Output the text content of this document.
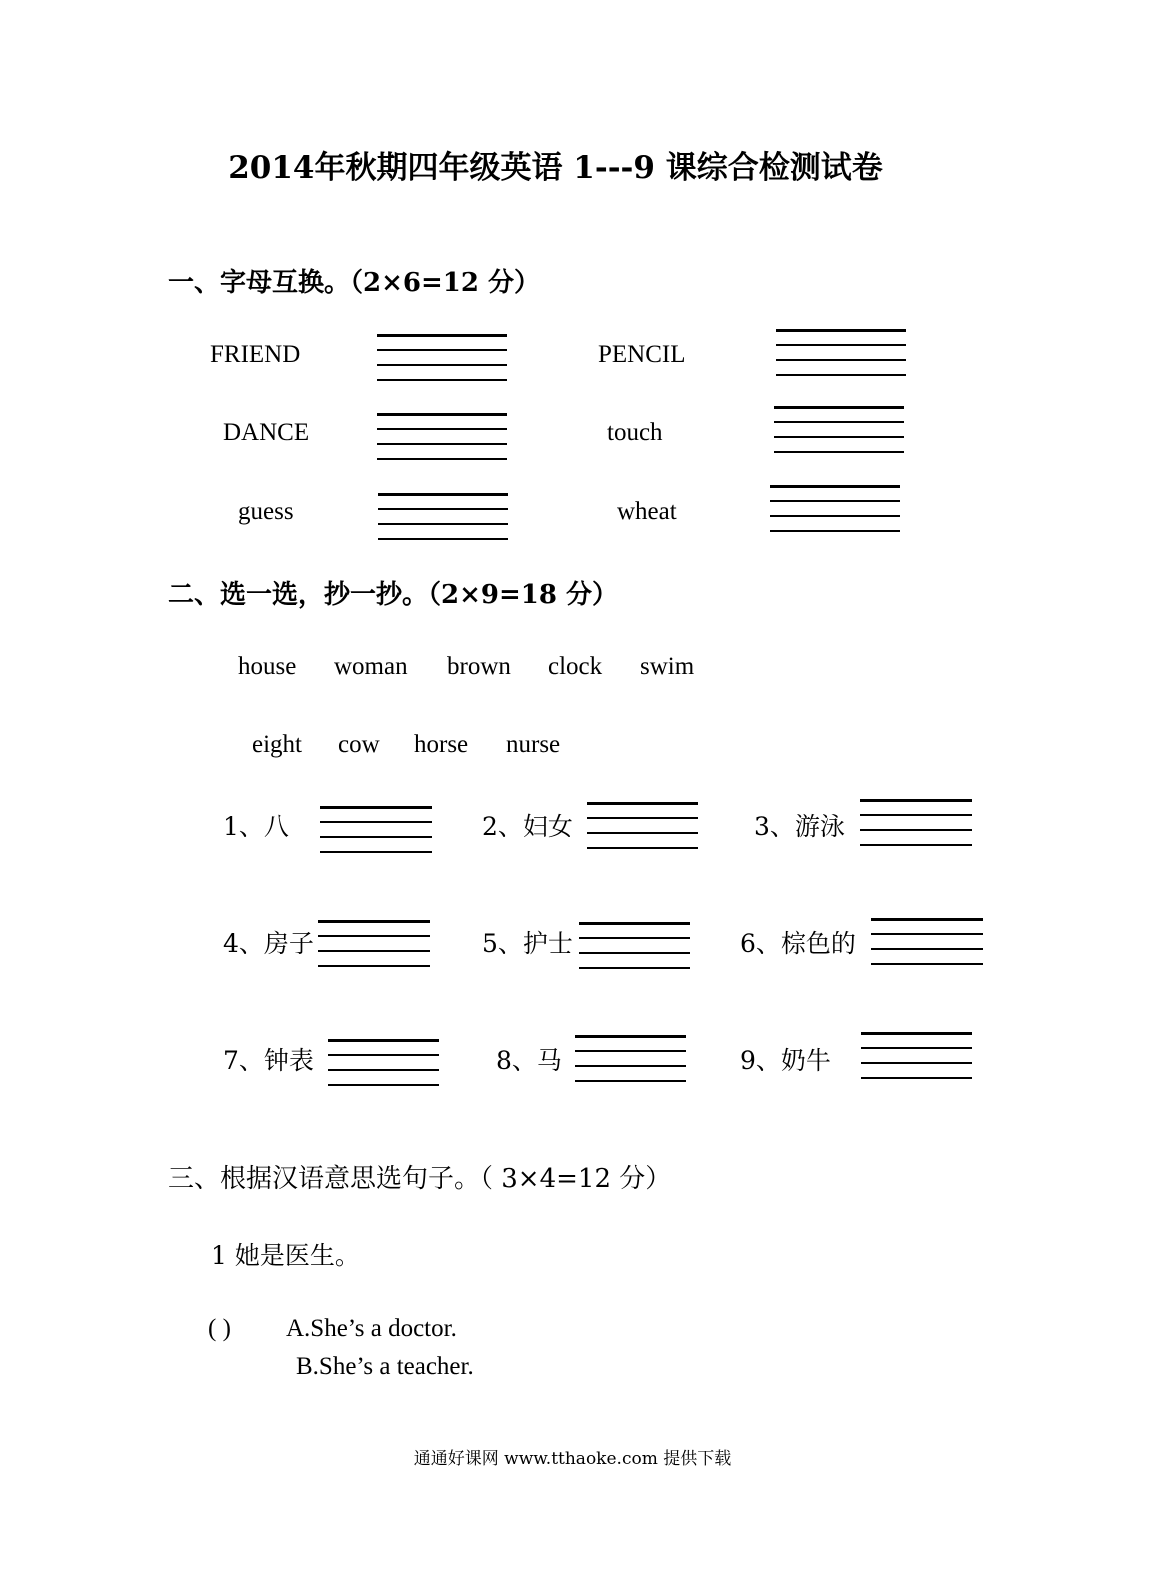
2014年秋期四年级英语 1---9 课综合检测试卷
一、字母互换。（2×6=12 分）
FRIEND	PENCIL
DANCE	touch
guess	wheat
二、选一选，抄一抄。（2×9=18 分）
house woman brown clock swim
eight cow horse nurse
1、八	2、妇女	3、游泳
4、房子	5、护士	6、棕色的
7、钟表	8、马	9、奶牛
三、根据汉语意思选句子。（ 3×4=12 分）
1 她是医生。
( ) A.She’s a doctor.
B.She’s a teacher.
通通好课网 www.tthaoke.com 提供下载
